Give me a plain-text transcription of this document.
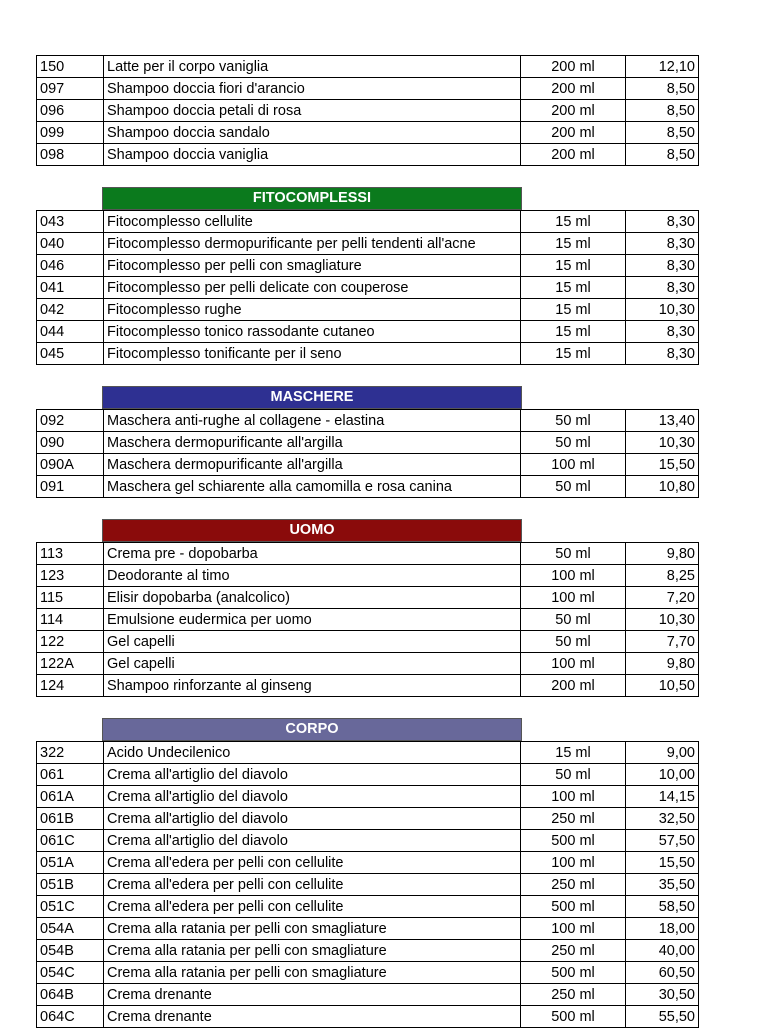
150	Latte per il corpo vaniglia	200 ml	12,10
097	Shampoo doccia fiori d'arancio	200 ml	8,50
096	Shampoo doccia petali di rosa	200 ml	8,50
099	Shampoo doccia sandalo	200 ml	8,50
098	Shampoo doccia vaniglia	200 ml	8,50
FITOCOMPLESSI
043	Fitocomplesso cellulite	15 ml	8,30
040	Fitocomplesso dermopurificante per pelli tendenti all'acne	15 ml	8,30
046	Fitocomplesso per pelli con smagliature	15 ml	8,30
041	Fitocomplesso per pelli delicate con couperose	15 ml	8,30
042	Fitocomplesso rughe	15 ml	10,30
044	Fitocomplesso tonico rassodante cutaneo	15 ml	8,30
045	Fitocomplesso tonificante per il seno	15 ml	8,30
MASCHERE
092	Maschera anti-rughe al collagene - elastina	50 ml	13,40
090	Maschera dermopurificante all'argilla	50 ml	10,30
090A	Maschera dermopurificante all'argilla	100 ml	15,50
091	Maschera gel schiarente alla camomilla e rosa canina	50 ml	10,80
UOMO
113	Crema pre - dopobarba	50 ml	9,80
123	Deodorante al timo	100 ml	8,25
115	Elisir dopobarba (analcolico)	100 ml	7,20
114	Emulsione eudermica per uomo	50 ml	10,30
122	Gel capelli	50 ml	7,70
122A	Gel capelli	100 ml	9,80
124	Shampoo rinforzante al ginseng	200 ml	10,50
CORPO
322	Acido Undecilenico	15 ml	9,00
061	Crema all'artiglio del diavolo	50 ml	10,00
061A	Crema all'artiglio del diavolo	100 ml	14,15
061B	Crema all'artiglio del diavolo	250 ml	32,50
061C	Crema all'artiglio del diavolo	500 ml	57,50
051A	Crema all'edera per pelli con cellulite	100 ml	15,50
051B	Crema all'edera per pelli con cellulite	250 ml	35,50
051C	Crema all'edera per pelli con cellulite	500 ml	58,50
054A	Crema alla ratania per pelli con smagliature	100 ml	18,00
054B	Crema alla ratania per pelli con smagliature	250 ml	40,00
054C	Crema alla ratania per pelli con smagliature	500 ml	60,50
064B	Crema drenante	250 ml	30,50
064C	Crema drenante	500 ml	55,50
